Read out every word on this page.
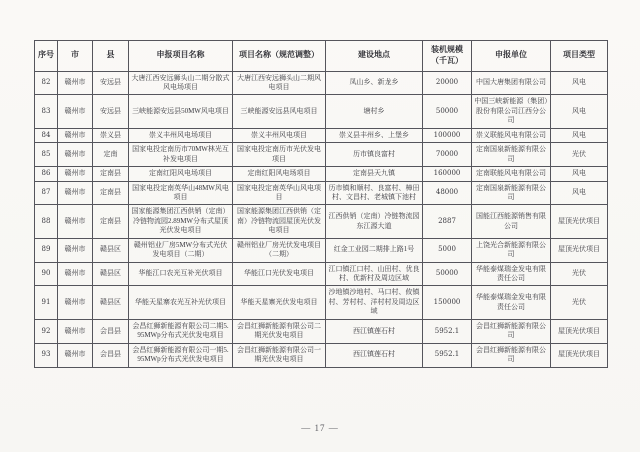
序号	市	县	申报项目名称	项目名称（规范调整）	建设地点	装机规模（千瓦）	申报单位	项目类型
82	赣州市	安远县	大唐江西安远狮头山二期分散式风电场项目	大唐江西安远狮头山二期风电项目	凤山乡、新龙乡	20000	中国大唐集团有限公司	风电
83	赣州市	安远县	三峡能源安远县50MW风电项目	三峡能源安远县风电项目	塘村乡	50000	中国三峡新能源（集团）股份有限公司江西分公司	风电
84	赣州市	崇义县	崇义丰州风电场项目	崇义丰州风电项目	崇义县丰州乡、上堡乡	100000	崇义联能风电有限公司	风电
85	赣州市	定南	国家电投定南历市70MW林光互补发电项目	国家电投定南历市光伏发电项目	历市镇良富村	70000	定南国泉新能源有限公司	光伏
86	赣州市	定南县	定南红阳风电场项目	定南红阳风电场项目	定南县天九镇	160000	定南联能风电有限公司	风电
87	赣州市	定南县	国家电投定南英华山48MW风电项目	国家电投定南英华山风电项目	历市镇和顺村、良富村、樟田村、文昌村、老城镇下池村	48000	定南国泉新能源有限公司	风电
88	赣州市	定南县	国家能源集团江西供销（定南）冷链物流园2.89MW分布式屋顶光伏发电项目	国家能源集团江西供销（定南）冷链物流园屋顶光伏发电项目	江西供销（定南）冷链物流园东江源大道	2887	国能江西能源销售有限公司	屋顶光伏项目
89	赣州市	赣县区	赣州铝业厂房5MW分布式光伏发电项目（二期）	赣州铝业厂房光伏发电项目（二期）	红金工业园二期排上路1号	5000	上饶光合新能源有限公司	屋顶光伏项目
90	赣州市	赣县区	华能江口农光互补光伏项目	华能江口光伏发电项目	江口镇江口村、山田村、优良村、优新村及周边区域	50000	华能泰煤瑞金发电有限责任公司	光伏
91	赣州市	赣县区	华能天星寨农光互补光伏项目	华能天星寨光伏发电项目	沙地镇沙地村、马口村、攸镇村、芳村村、洋村村及周边区域	150000	华能泰煤瑞金发电有限责任公司	光伏
92	赣州市	会昌县	会昌红狮新能源有限公司二期5.95MWp分布式光伏发电项目	会昌红狮新能源有限公司二期光伏发电项目	西江镇莲石村	5952.1	会昌红狮新能源有限公司	屋顶光伏项目
93	赣州市	会昌县	会昌红狮新能源有限公司一期5.95MWp分布式光伏发电项目	会昌红狮新能源有限公司一期光伏发电项目	西江镇莲石村	5952.1	会昌红狮新能源有限公司	屋顶光伏项目
— 17 —
